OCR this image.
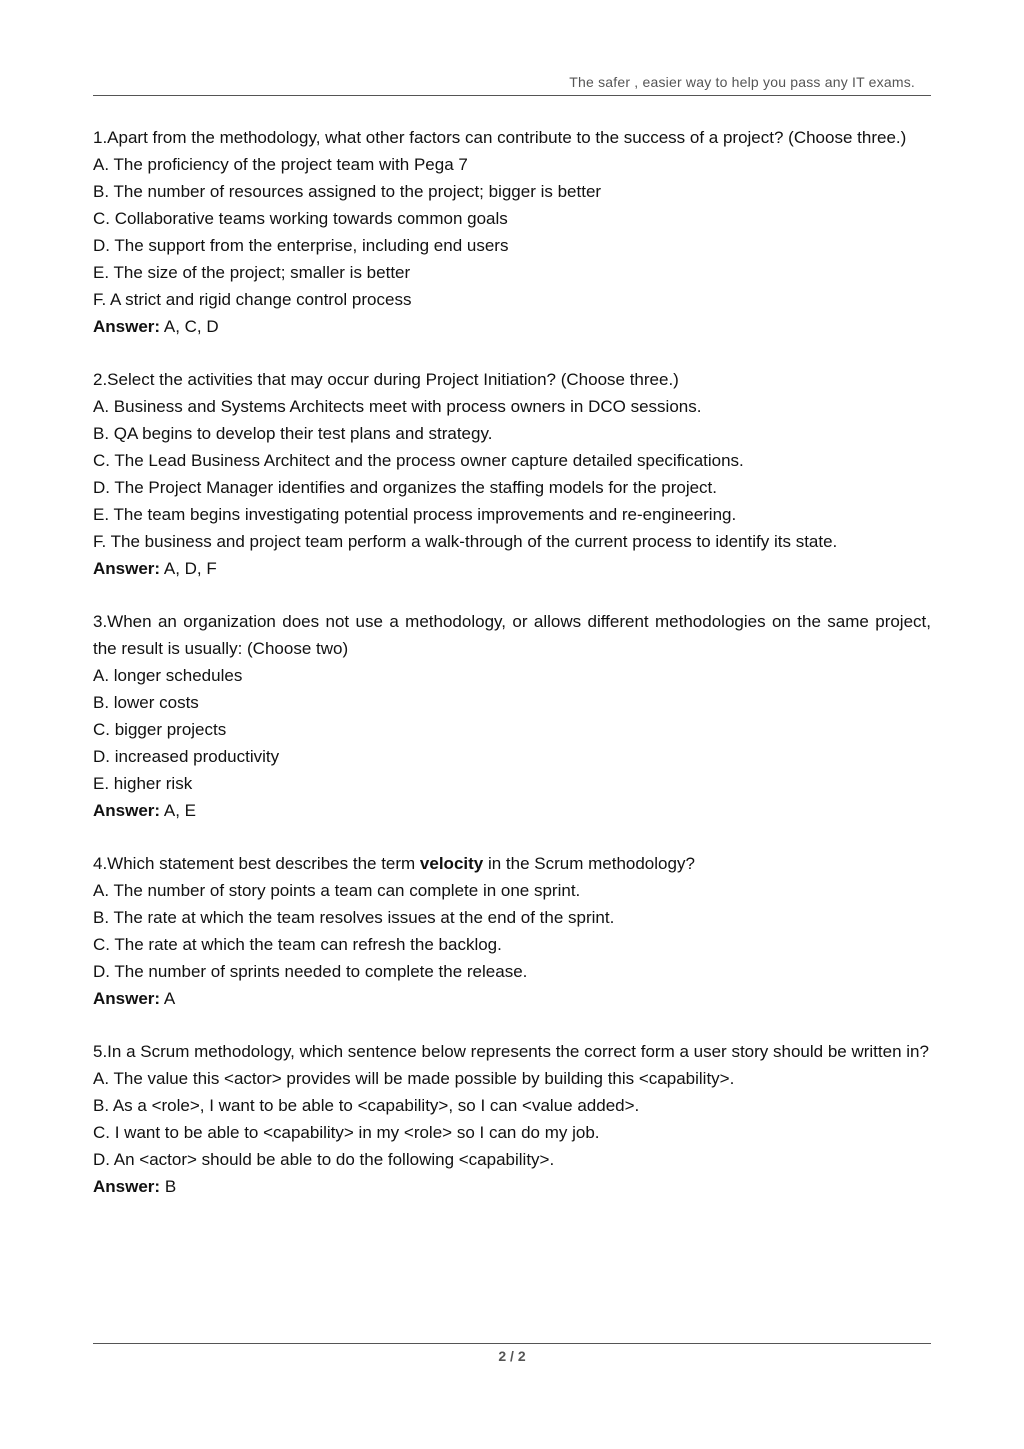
The safer , easier way to help you pass any IT exams.

1.Apart from the methodology, what other factors can contribute to the success of a project? (Choose three.)

A. The proficiency of the project team with Pega 7

B. The number of resources assigned to the project; bigger is better

C. Collaborative teams working towards common goals

D. The support from the enterprise, including end users

E. The size of the project; smaller is better

F. A strict and rigid change control process

Answer: A, C, D

2.Select the activities that may occur during Project Initiation? (Choose three.)

A. Business and Systems Architects meet with process owners in DCO sessions.

B. QA begins to develop their test plans and strategy.

C. The Lead Business Architect and the process owner capture detailed specifications.

D. The Project Manager identifies and organizes the staffing models for the project.

E. The team begins investigating potential process improvements and re-engineering.

F. The business and project team perform a walk-through of the current process to identify its state.

Answer: A, D, F

3.When an organization does not use a methodology, or allows different methodologies on the same project, the result is usually: (Choose two)

A. longer schedules

B. lower costs

C. bigger projects

D. increased productivity

E. higher risk

Answer: A, E

4.Which statement best describes the term velocity in the Scrum methodology?

A. The number of story points a team can complete in one sprint.

B. The rate at which the team resolves issues at the end of the sprint.

C. The rate at which the team can refresh the backlog.

D. The number of sprints needed to complete the release.

Answer: A

5.In a Scrum methodology, which sentence below represents the correct form a user story should be written in?

A. The value this <actor> provides will be made possible by building this <capability>.

B. As a <role>, I want to be able to <capability>, so I can <value added>.

C. I want to be able to <capability> in my <role> so I can do my job.

D. An <actor> should be able to do the following <capability>.

Answer: B

2 / 2
